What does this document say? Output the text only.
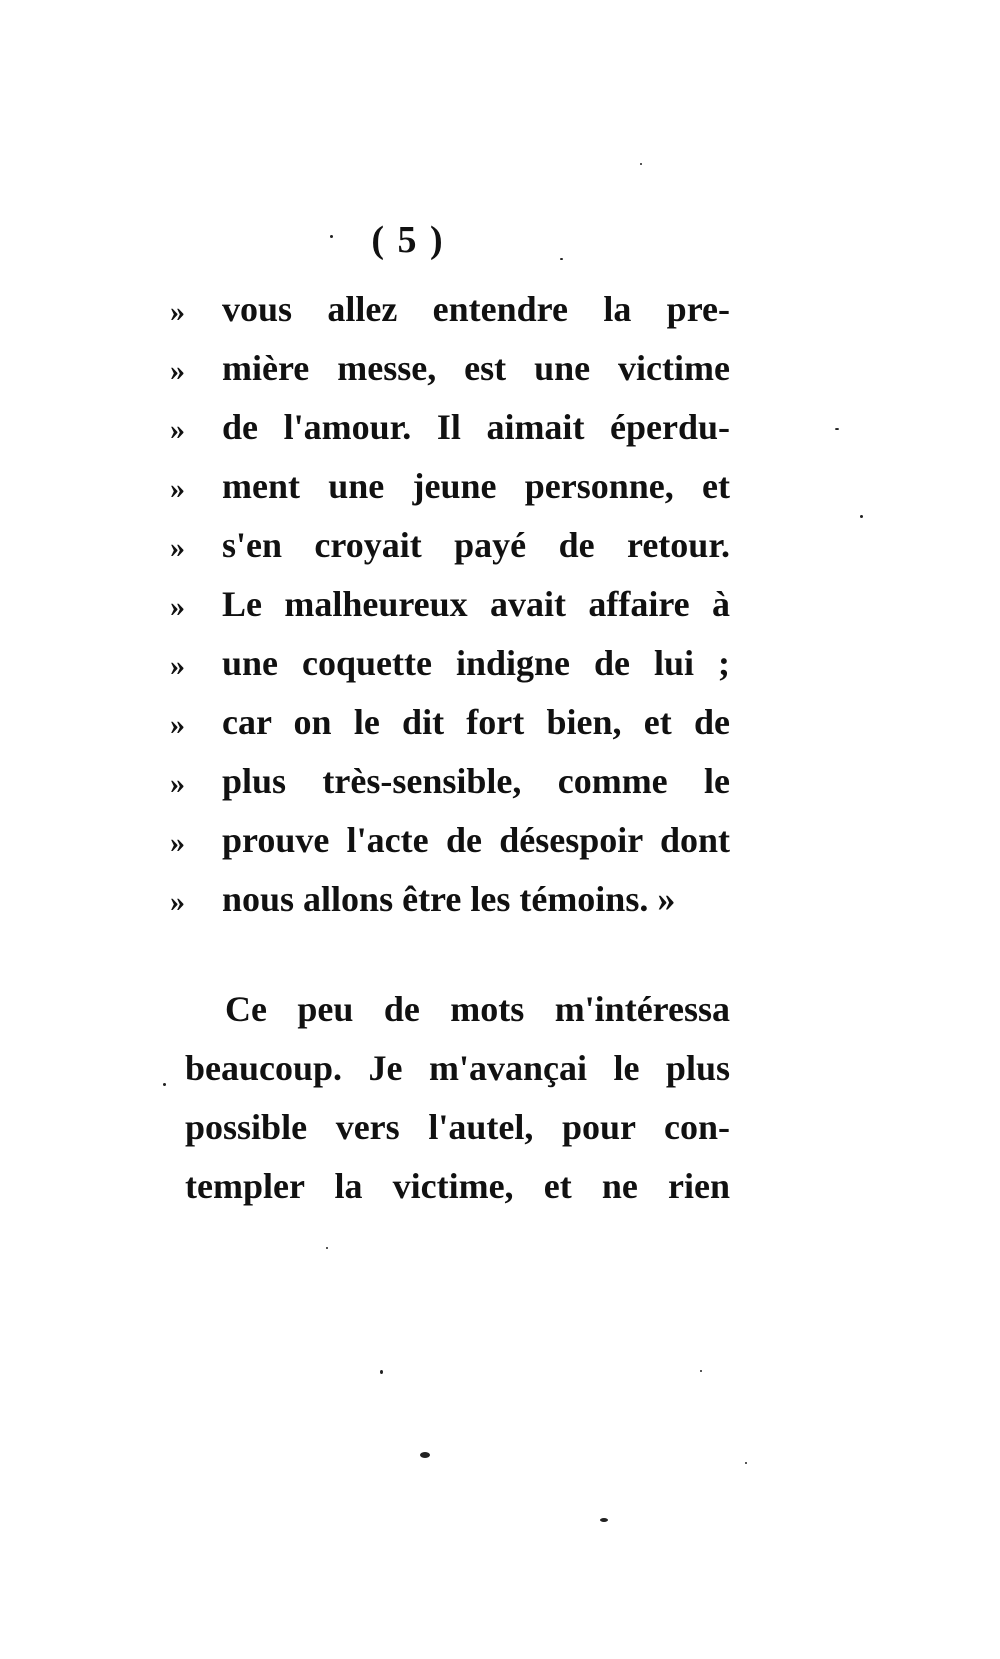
( 5 )
»	vous allez entendre la pre-
»	mière messe, est une victime
»	de l'amour. Il aimait éperdu-
»	ment une jeune personne, et
»	s'en croyait payé de retour.
»	Le malheureux avait affaire à
»	une coquette indigne de lui ;
»	car on le dit fort bien, et de
»	plus très-sensible, comme le
»	prouve l'acte de désespoir dont
»	nous allons être les témoins. »
Ce peu de mots m'intéressa
beaucoup. Je m'avançai le plus
possible vers l'autel, pour con-
templer la victime, et ne rien
